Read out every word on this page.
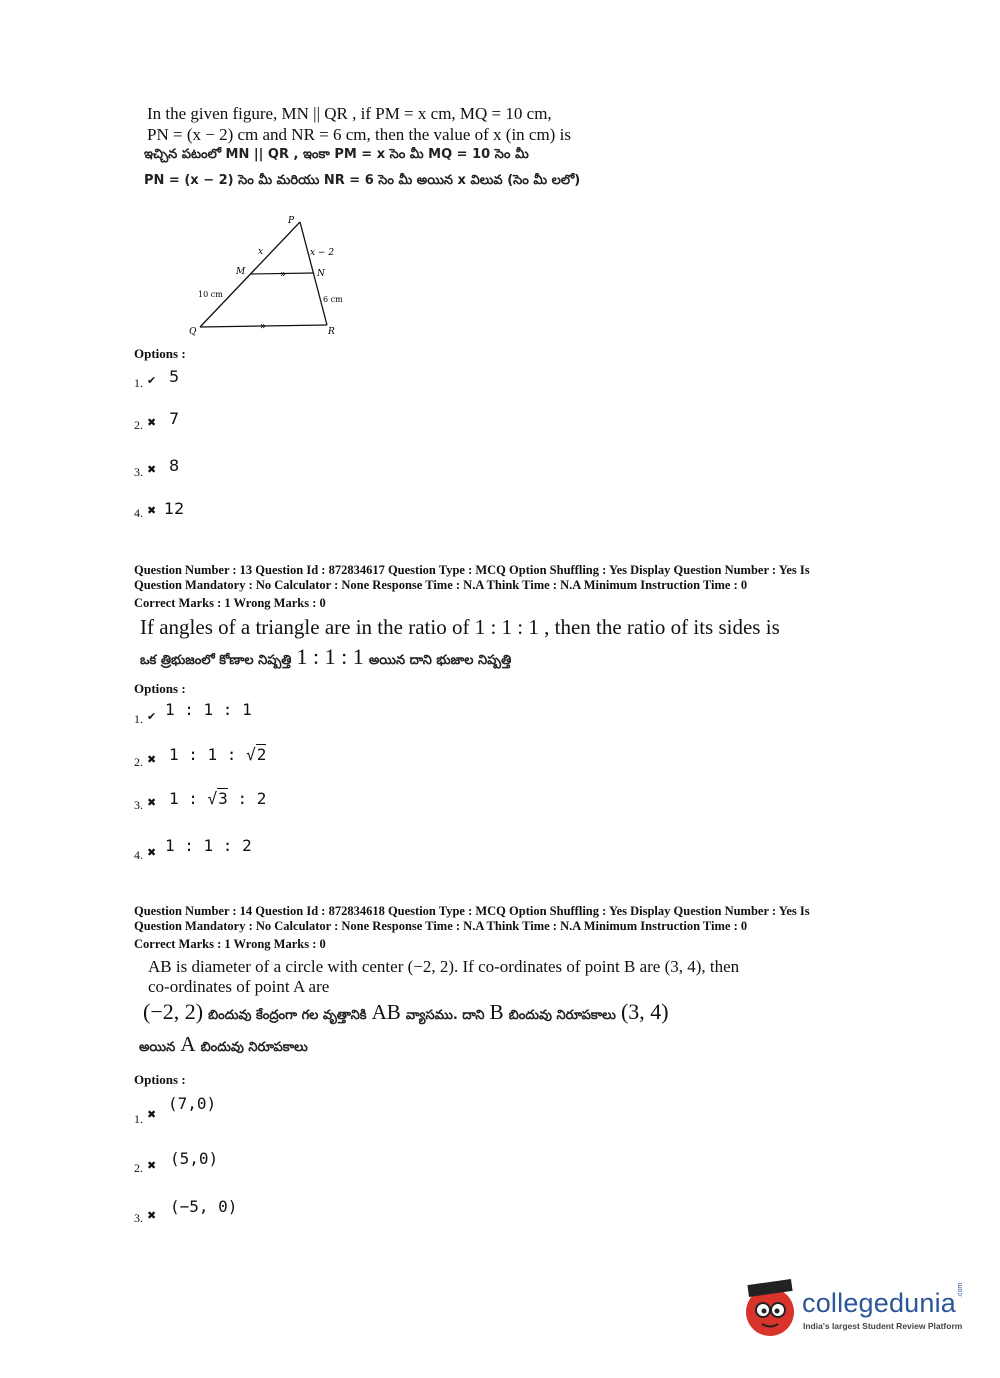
In the given figure, MN || QR , if PM = x cm, MQ = 10 cm,
PN = (x − 2) cm and NR = 6 cm, then the value of x (in cm) is
ఇచ్చిన పటంలో MN || QR , ఇంకా PM = x సెం మీ MQ = 10 సెం మీ
PN = (x − 2) సెం మీ మరియు NR = 6 సెం మీ అయిన x విలువ (సెం మీ లలో)
»
»
P
M	N
Q	R
x	x − 2
10 cm
6 cm
Options :
1. ✔ 5
2. ✖ 7
3. ✖ 8
4. ✖ 12
Question Number : 13 Question Id : 872834617 Question Type : MCQ Option Shuffling : Yes Display Question Number : Yes Is
Question Mandatory : No Calculator : None Response Time : N.A Think Time : N.A Minimum Instruction Time : 0
Correct Marks : 1 Wrong Marks : 0
If angles of a triangle are in the ratio of 1 : 1 : 1 , then the ratio of its sides is
ఒక త్రిభుజంలో కోణాల నిష్పత్తి 1 : 1 : 1 అయిన దాని భుజాల నిష్పత్తి
Options :
1. ✔ 1 : 1 : 1
2. ✖ 1 : 1 : √2
3. ✖ 1 : √3 : 2
4. ✖ 1 : 1 : 2
Question Number : 14 Question Id : 872834618 Question Type : MCQ Option Shuffling : Yes Display Question Number : Yes Is
Question Mandatory : No Calculator : None Response Time : N.A Think Time : N.A Minimum Instruction Time : 0
Correct Marks : 1 Wrong Marks : 0
AB is diameter of a circle with center (−2, 2). If co-ordinates of point B are (3, 4), then
co-ordinates of point A are
(−2, 2) బిందువు కేంద్రంగా గల వృత్తానికి AB వ్యాసము. దాని B బిందువు నిరూపకాలు (3, 4)
అయిన A బిందువు నిరూపకాలు
Options :
1. ✖
(7,0)
2. ✖ (5,0)
3. ✖ (−5, 0)
collegedunia .com
India's largest Student Review Platform
